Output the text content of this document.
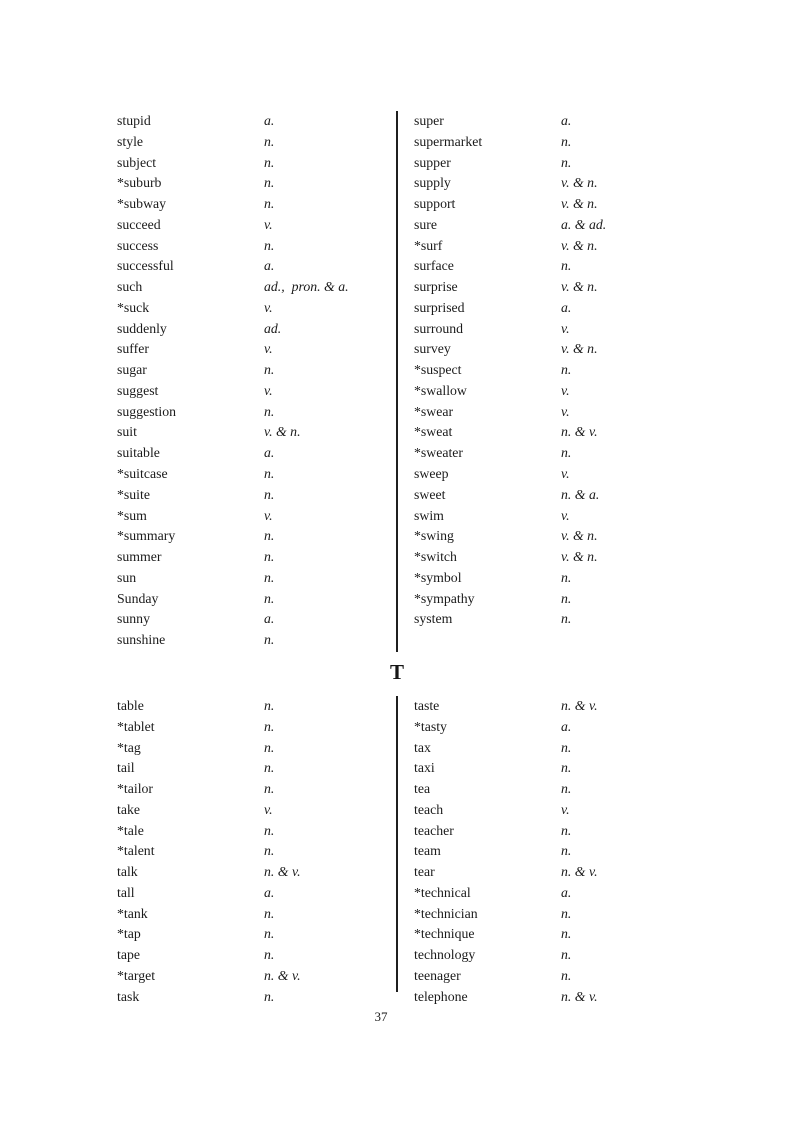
stupid	a.
style	n.
subject	n.
*suburb	n.
*subway	n.
succeed	v.
success	n.
successful	a.
such	ad.,  pron. & a.
*suck	v.
suddenly	ad.
suffer	v.
sugar	n.
suggest	v.
suggestion	n.
suit	v. & n.
suitable	a.
*suitcase	n.
*suite	n.
*sum	v.
*summary	n.
summer	n.
sun	n.
Sunday	n.
sunny	a.
sunshine	n.
super	a.
supermarket	n.
supper	n.
supply	v. & n.
support	v. & n.
sure	a. & ad.
*surf	v. & n.
surface	n.
surprise	v. & n.
surprised	a.
surround	v.
survey	v. & n.
*suspect	n.
*swallow	v.
*swear	v.
*sweat	n. & v.
*sweater	n.
sweep	v.
sweet	n. & a.
swim	v.
*swing	v. & n.
*switch	v. & n.
*symbol	n.
*sympathy	n.
system	n.
T
table	n.
*tablet	n.
*tag	n.
tail	n.
*tailor	n.
take	v.
*tale	n.
*talent	n.
talk	n. & v.
tall	a.
*tank	n.
*tap	n.
tape	n.
*target	n. & v.
task	n.
taste	n. & v.
*tasty	a.
tax	n.
taxi	n.
tea	n.
teach	v.
teacher	n.
team	n.
tear	n. & v.
*technical	a.
*technician	n.
*technique	n.
technology	n.
teenager	n.
telephone	n. & v.
37
